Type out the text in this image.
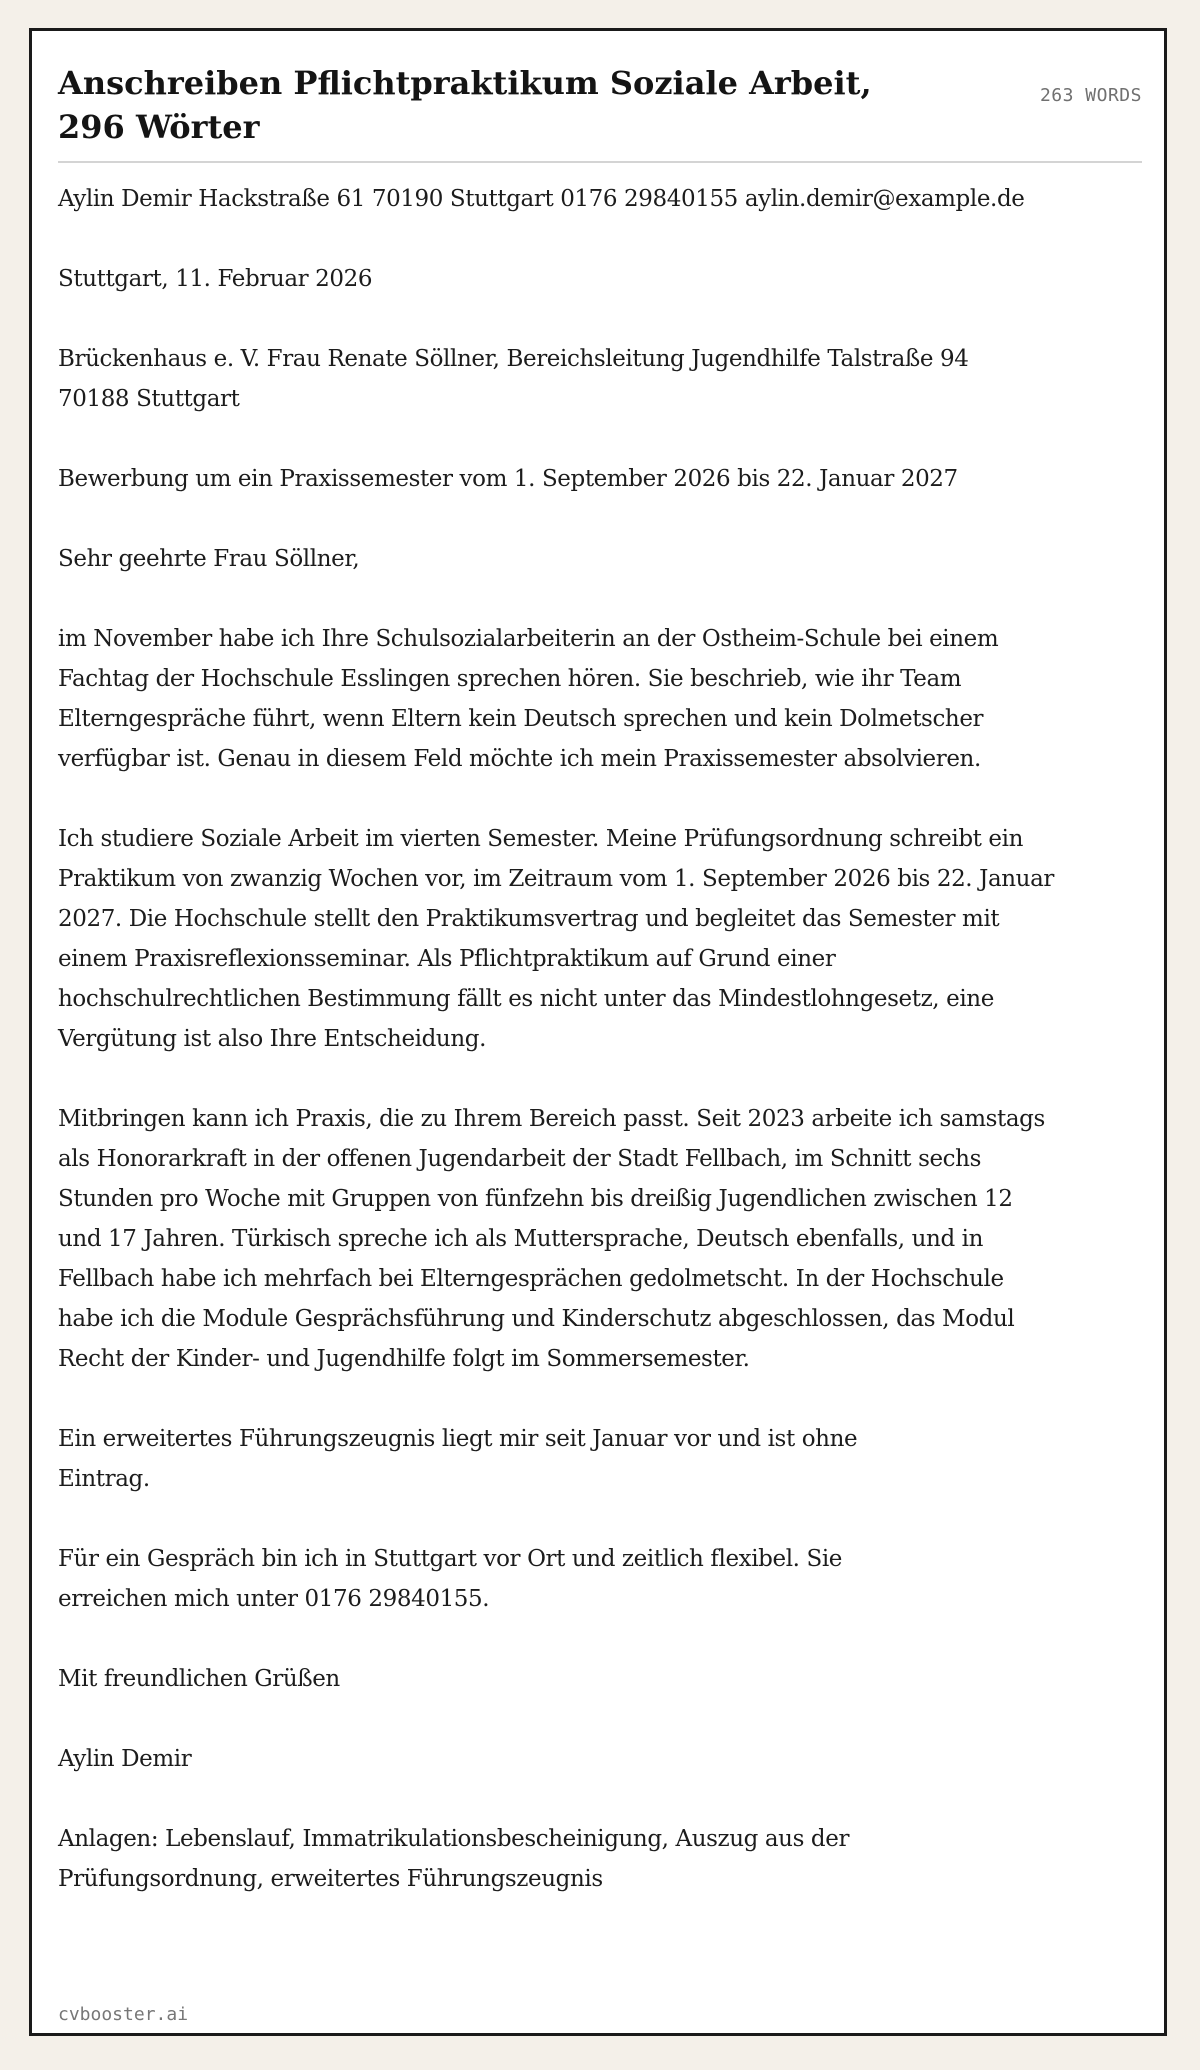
Anschreiben Pflichtpraktikum Soziale Arbeit, 296 Wörter
263 WORDS

Aylin Demir Hackstraße 61 70190 Stuttgart 0176 29840155 aylin.demir@example.de

Stuttgart, 11. Februar 2026

Brückenhaus e. V. Frau Renate Söllner, Bereichsleitung Jugendhilfe Talstraße 94 70188 Stuttgart

Bewerbung um ein Praxissemester vom 1. September 2026 bis 22. Januar 2027

Sehr geehrte Frau Söllner,

im November habe ich Ihre Schulsozialarbeiterin an der Ostheim-Schule bei einem Fachtag der Hochschule Esslingen sprechen hören. Sie beschrieb, wie ihr Team Elterngespräche führt, wenn Eltern kein Deutsch sprechen und kein Dolmetscher verfügbar ist. Genau in diesem Feld möchte ich mein Praxissemester absolvieren.

Ich studiere Soziale Arbeit im vierten Semester. Meine Prüfungsordnung schreibt ein Praktikum von zwanzig Wochen vor, im Zeitraum vom 1. September 2026 bis 22. Januar 2027. Die Hochschule stellt den Praktikumsvertrag und begleitet das Semester mit einem Praxisreflexionsseminar. Als Pflichtpraktikum auf Grund einer hochschulrechtlichen Bestimmung fällt es nicht unter das Mindestlohngesetz, eine Vergütung ist also Ihre Entscheidung.

Mitbringen kann ich Praxis, die zu Ihrem Bereich passt. Seit 2023 arbeite ich samstags als Honorarkraft in der offenen Jugendarbeit der Stadt Fellbach, im Schnitt sechs Stunden pro Woche mit Gruppen von fünfzehn bis dreißig Jugendlichen zwischen 12 und 17 Jahren. Türkisch spreche ich als Muttersprache, Deutsch ebenfalls, und in Fellbach habe ich mehrfach bei Elterngesprächen gedolmetscht. In der Hochschule habe ich die Module Gesprächsführung und Kinderschutz abgeschlossen, das Modul Recht der Kinder- und Jugendhilfe folgt im Sommersemester.

Ein erweitertes Führungszeugnis liegt mir seit Januar vor und ist ohne Eintrag.

Für ein Gespräch bin ich in Stuttgart vor Ort und zeitlich flexibel. Sie erreichen mich unter 0176 29840155.

Mit freundlichen Grüßen

Aylin Demir

Anlagen: Lebenslauf, Immatrikulationsbescheinigung, Auszug aus der Prüfungsordnung, erweitertes Führungszeugnis

cvbooster.ai
